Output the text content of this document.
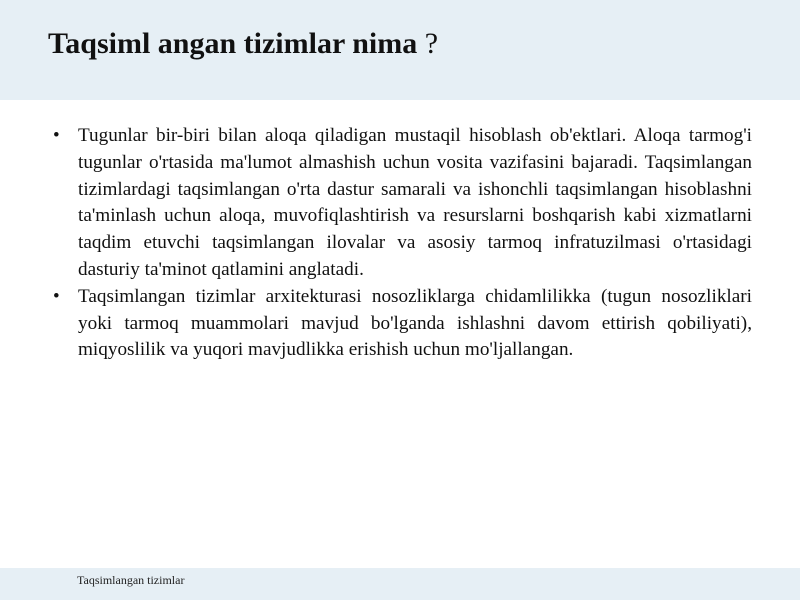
Taqsiml angan tizimlar nima ?
• Tugunlar bir-biri bilan aloqa qiladigan mustaqil hisoblash ob'ektlari. Aloqa tarmog'i tugunlar o'rtasida ma'lumot almashish uchun vosita vazifasini bajaradi. Taqsimlangan tizimlardagi taqsimlangan o'rta dastur samarali va ishonchli taqsimlangan hisoblashni ta'minlash uchun aloqa, muvofiqlashtirish va resurslarni boshqarish kabi xizmatlarni taqdim etuvchi taqsimlangan ilovalar va asosiy tarmoq infratuzilmasi o'rtasidagi dasturiy ta'minot qatlamini anglatadi.
• Taqsimlangan tizimlar arxitekturasi nosozliklarga chidamlilikka (tugun nosozliklari yoki tarmoq muammolari mavjud bo'lganda ishlashni davom ettirish qobiliyati), miqyoslilik va yuqori mavjudlikka erishish uchun mo'ljallangan.
Taqsimlangan tizimlar
